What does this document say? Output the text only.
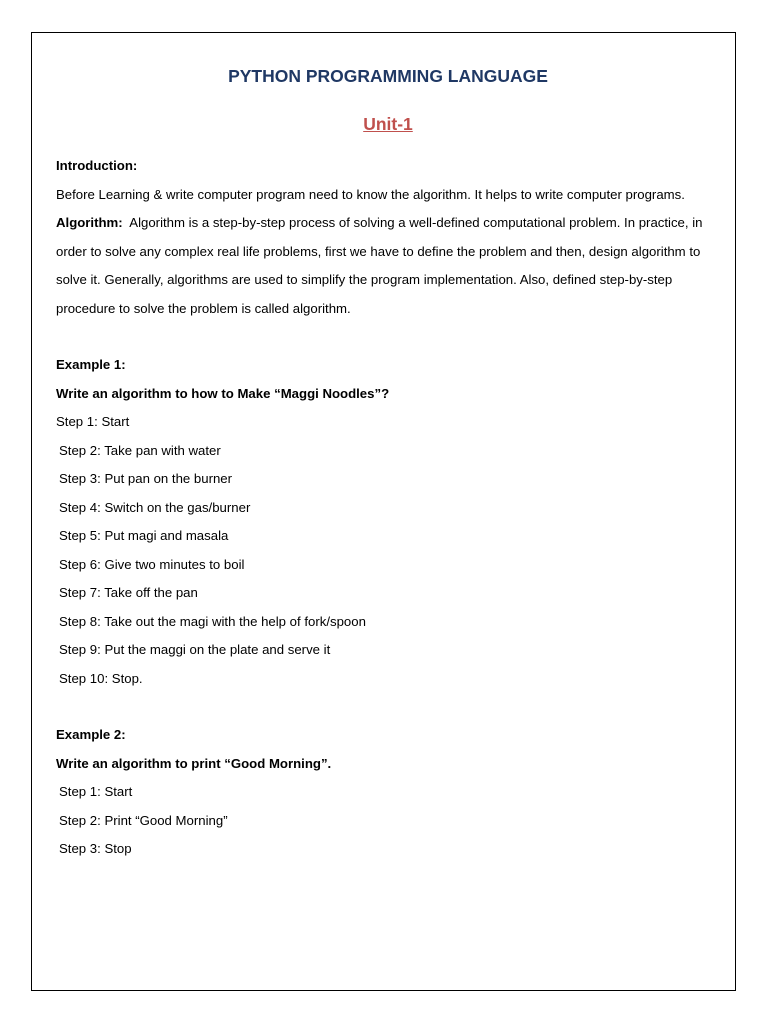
PYTHON PROGRAMMING LANGUAGE
Unit-1

Introduction:

Before Learning & write computer program need to know the algorithm. It helps to write computer programs.

Algorithm: Algorithm is a step-by-step process of solving a well-defined computational problem. In practice, in order to solve any complex real life problems, first we have to define the problem and then, design algorithm to solve it. Generally, algorithms are used to simplify the program implementation. Also, defined step-by-step procedure to solve the problem is called algorithm.

Example 1:

Write an algorithm to how to Make “Maggi Noodles”?

Step 1: Start

Step 2: Take pan with water

Step 3: Put pan on the burner

Step 4: Switch on the gas/burner

Step 5: Put magi and masala

Step 6: Give two minutes to boil

Step 7: Take off the pan

Step 8: Take out the magi with the help of fork/spoon

Step 9: Put the maggi on the plate and serve it

Step 10: Stop.

Example 2:

Write an algorithm to print “Good Morning”.

Step 1: Start

Step 2: Print “Good Morning”

Step 3: Stop
